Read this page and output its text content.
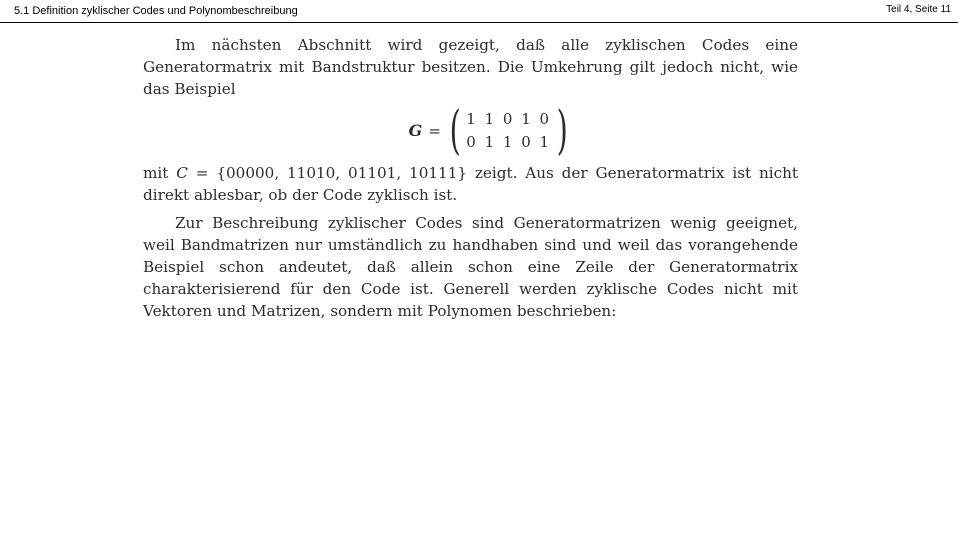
5.1 Definition zyklischer Codes und Polynombeschreibung	Teil 4, Seite 11

Im nächsten Abschnitt wird gezeigt, daß alle zyklischen Codes eine Generatormatrix mit Bandstruktur besitzen. Die Umkehrung gilt jedoch nicht, wie das Beispiel

G = ( 1 1 0 1 0
0 1 1 0 1 )

mit C = {00000, 11010, 01101, 10111} zeigt. Aus der Generatormatrix ist nicht direkt ablesbar, ob der Code zyklisch ist.

Zur Beschreibung zyklischer Codes sind Generatormatrizen wenig geeignet, weil Bandmatrizen nur umständlich zu handhaben sind und weil das vorangehende Beispiel schon andeutet, daß allein schon eine Zeile der Generatormatrix charakterisierend für den Code ist. Generell werden zyklische Codes nicht mit Vektoren und Matrizen, sondern mit Polynomen beschrieben:
